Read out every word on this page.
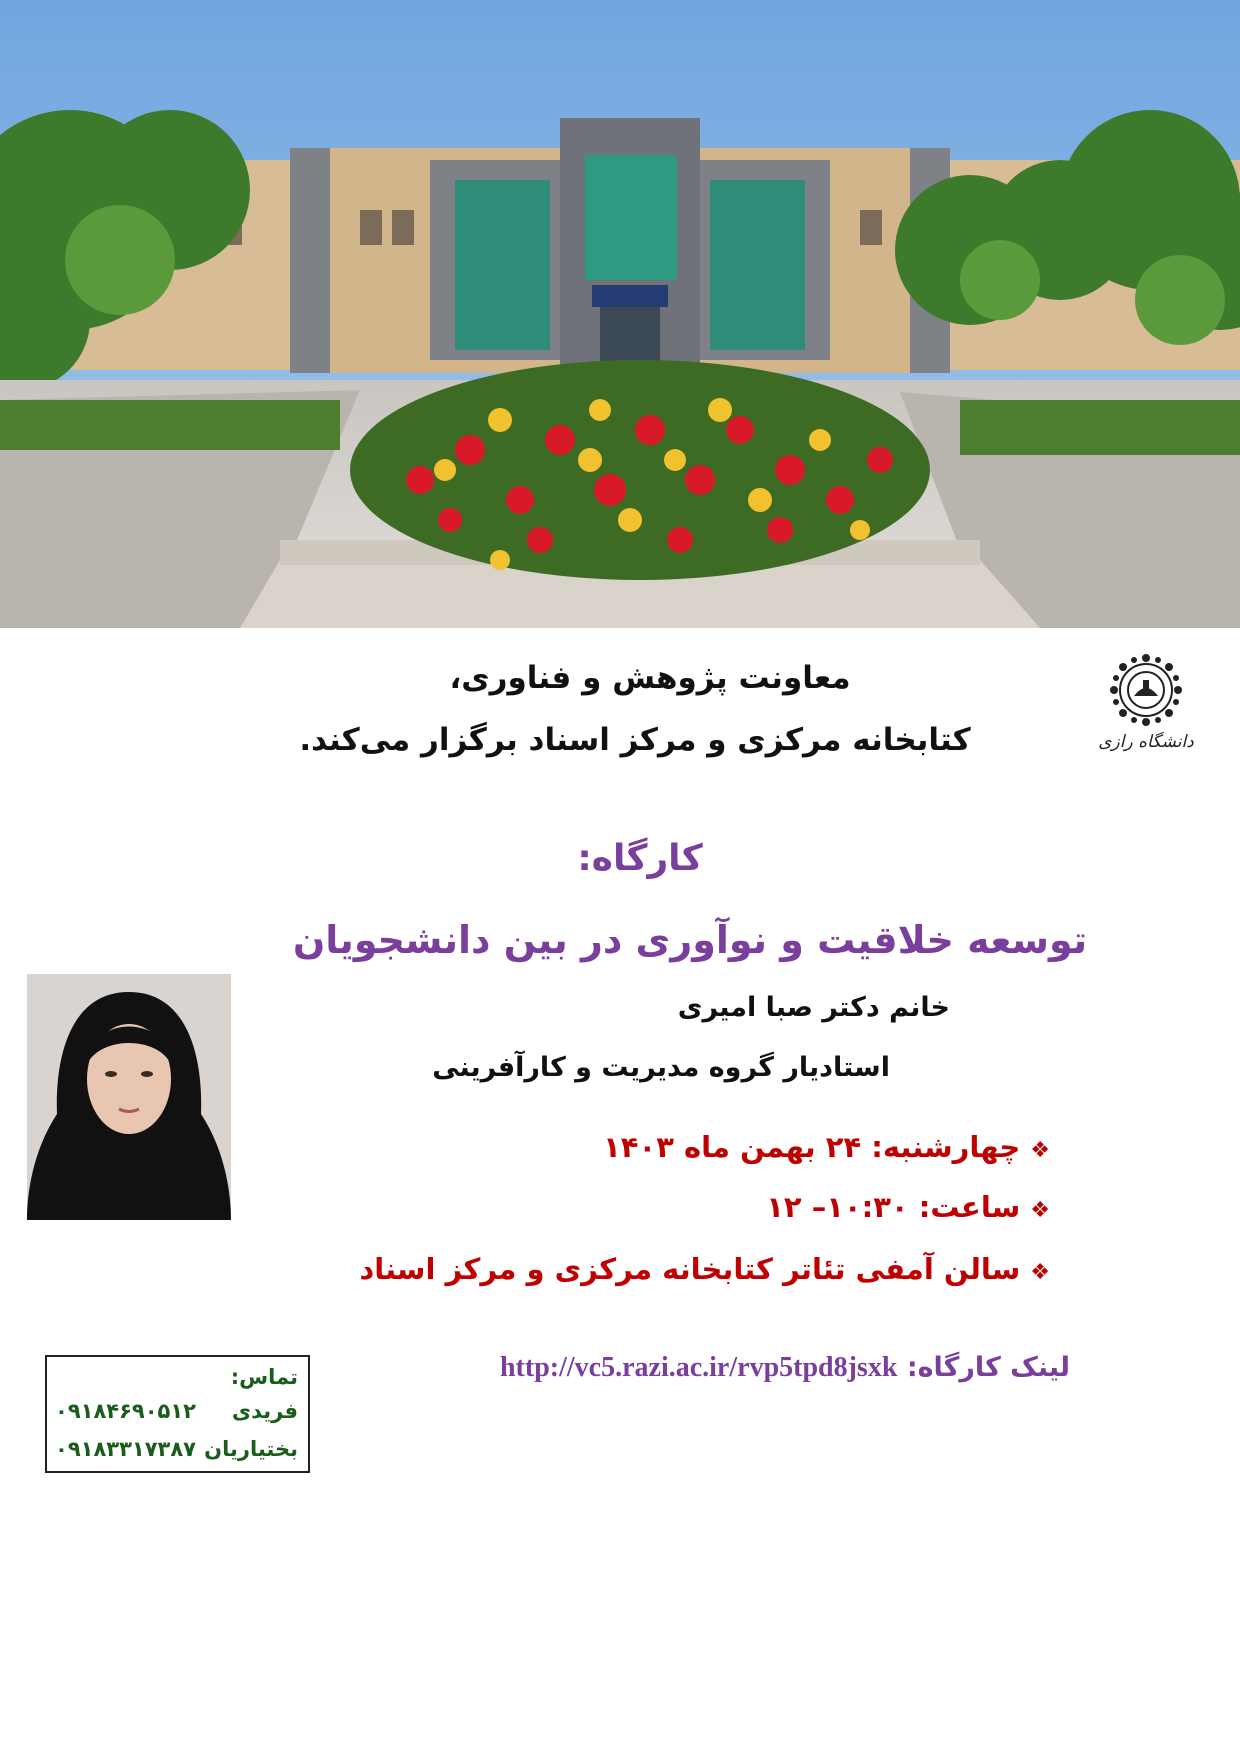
دانشگاه رازی
معاونت پژوهش و فناوری،
کتابخانه مرکزی و مرکز اسناد برگزار می‌کند.
کارگاه:
توسعه خلاقیت و نوآوری در بین دانشجویان
خانم دکتر صبا امیری
استادیار گروه مدیریت و کارآفرینی
❖چهارشنبه: ۲۴ بهمن ماه ۱۴۰۳
❖ساعت: ۱۰:۳۰– ۱۲
❖سالن آمفی تئاتر کتابخانه مرکزی و مرکز اسناد
لینک کارگاه: http://vc5.razi.ac.ir/rvp5tpd8jsxk
تماس:
فریدی
۰۹۱۸۴۶۹۰۵۱۲
بختیاریان
۰۹۱۸۳۳۱۷۳۸۷
